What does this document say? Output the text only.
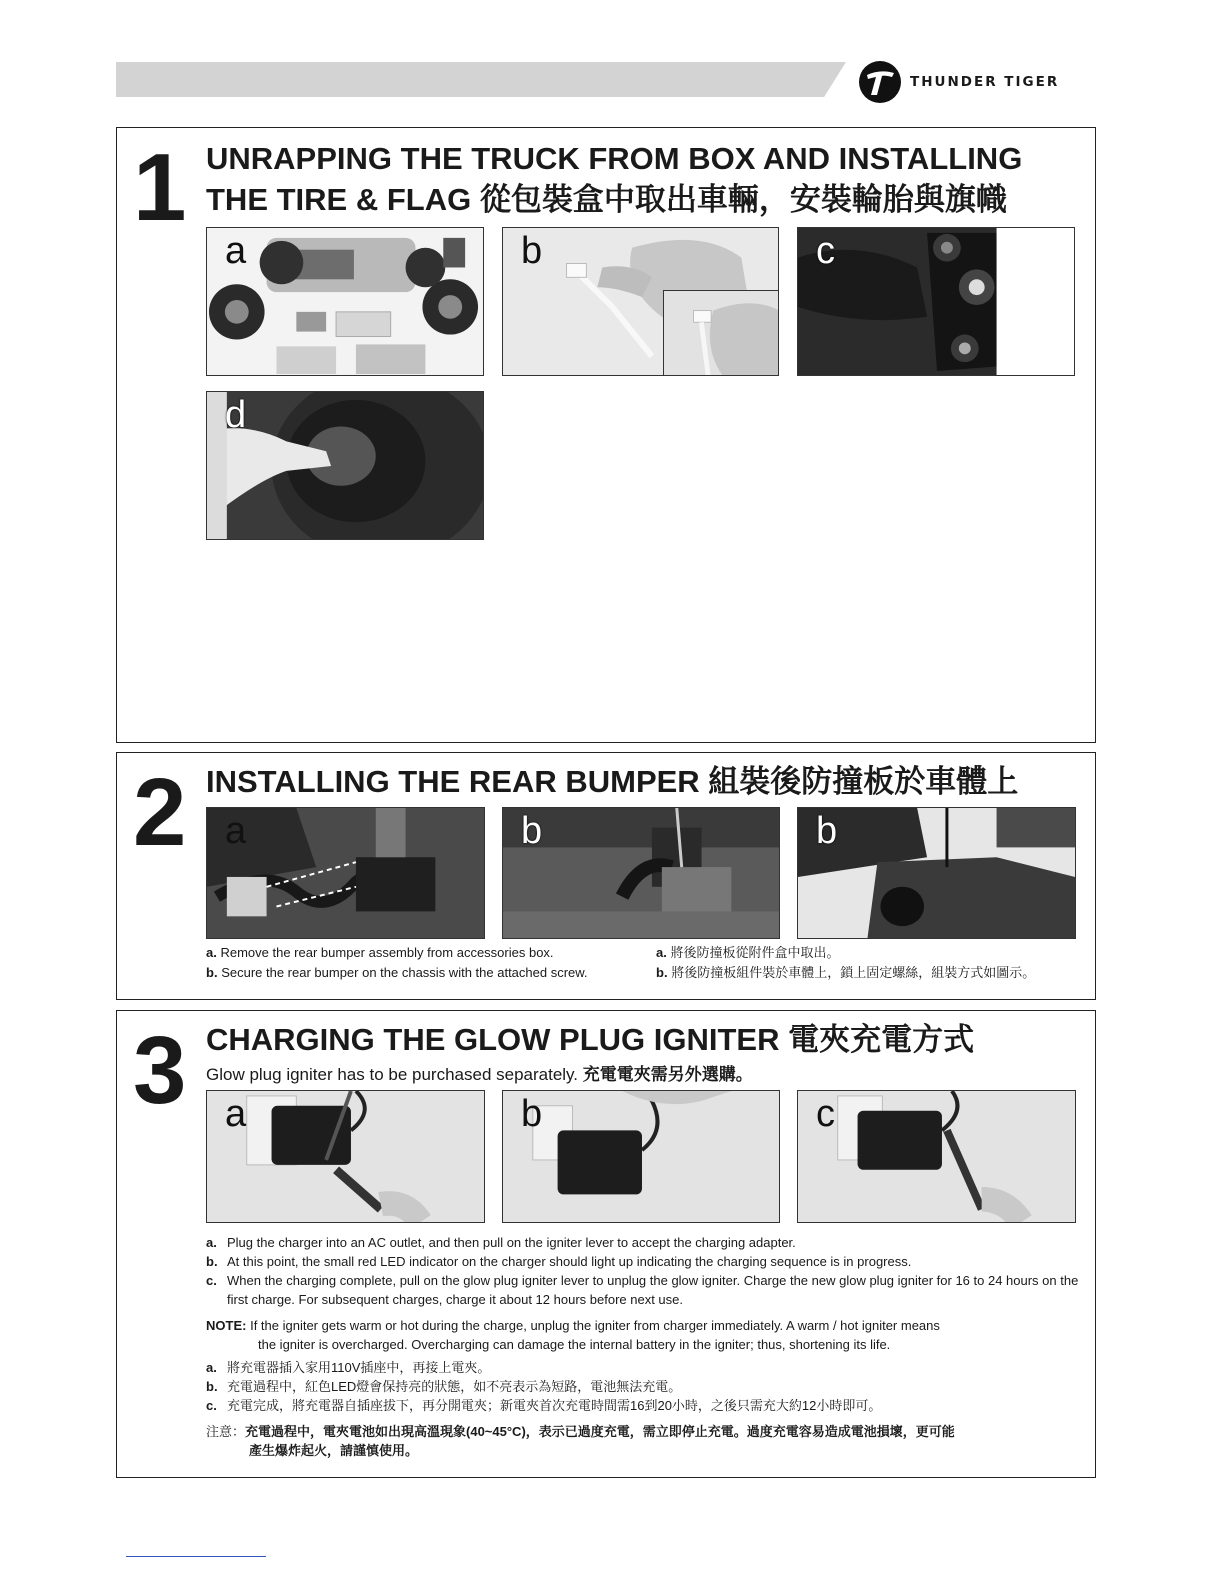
THUNDER TIGER
1 UNRAPPING THE TRUCK FROM BOX AND INSTALLING
THE TIRE & FLAG 從包裝盒中取出車輛，安裝輪胎與旗幟
a	b	c
d
2 INSTALLING THE REAR BUMPER 組裝後防撞板於車體上
a	b	b
a. Remove the rear bumper assembly from accessories box.
b. Secure the rear bumper on the chassis with the attached screw.
a. 將後防撞板從附件盒中取出。
b. 將後防撞板組件裝於車體上，鎖上固定螺絲，組裝方式如圖示。
3 CHARGING THE GLOW PLUG IGNITER 電夾充電方式
Glow plug igniter has to be purchased separately. 充電電夾需另外選購。
a	b	c
a. Plug the charger into an AC outlet, and then pull on the igniter lever to accept the charging adapter.
b. At this point, the small red LED indicator on the charger should light up indicating the charging sequence is in progress.
c. When the charging complete, pull on the glow plug igniter lever to unplug the glow igniter. Charge the new glow plug igniter for 16 to 24 hours on the first charge. For subsequent charges, charge it about 12 hours before next use.
NOTE: If the igniter gets warm or hot during the charge, unplug the igniter from charger immediately. A warm / hot igniter means
the igniter is overcharged. Overcharging can damage the internal battery in the igniter; thus, shortening its life.
a. 將充電器插入家用110V插座中，再接上電夾。
b. 充電過程中，紅色LED燈會保持亮的狀態，如不亮表示為短路，電池無法充電。
c. 充電完成，將充電器自插座拔下，再分開電夾；新電夾首次充電時間需16到20小時，之後只需充大約12小時即可。
注意：充電過程中，電夾電池如出現高溫現象(40~45°C)，表示已過度充電，需立即停止充電。過度充電容易造成電池損壞，更可能
產生爆炸起火，請謹慎使用。
